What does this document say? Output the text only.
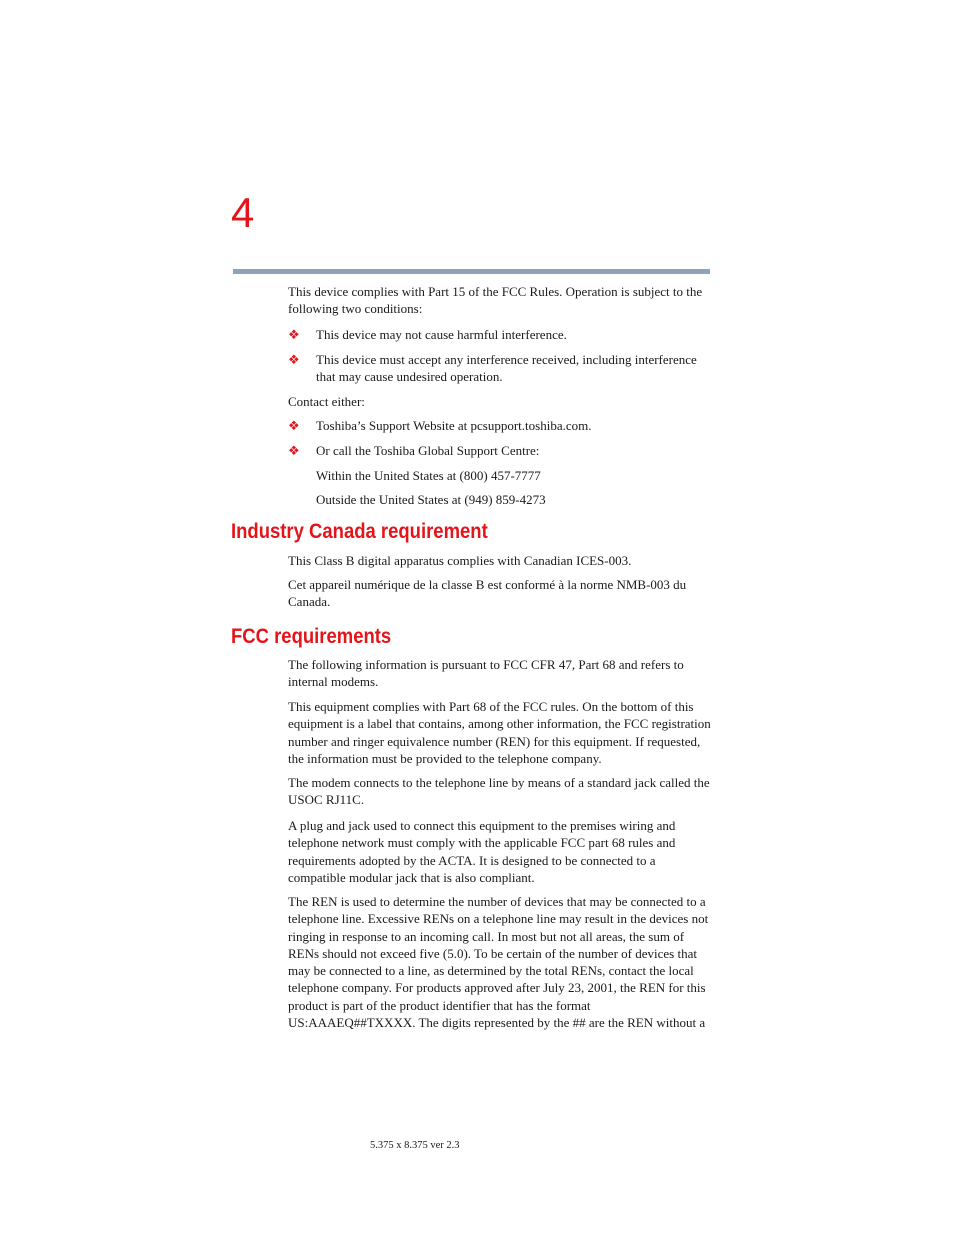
4
This device complies with Part 15 of the FCC Rules. Operation is subject to the following two conditions:
❖ This device may not cause harmful interference.
❖ This device must accept any interference received, including interference that may cause undesired operation.
Contact either:
❖ Toshiba’s Support Website at pcsupport.toshiba.com.
❖ Or call the Toshiba Global Support Centre:
Within the United States at (800) 457-7777
Outside the United States at (949) 859-4273
Industry Canada requirement
This Class B digital apparatus complies with Canadian ICES-003.
Cet appareil numérique de la classe B est conformé à la norme NMB-003 du Canada.
FCC requirements
The following information is pursuant to FCC CFR 47, Part 68 and refers to internal modems.
This equipment complies with Part 68 of the FCC rules. On the bottom of this equipment is a label that contains, among other information, the FCC registration number and ringer equivalence number (REN) for this equipment. If requested, the information must be provided to the telephone company.
The modem connects to the telephone line by means of a standard jack called the USOC RJ11C.
A plug and jack used to connect this equipment to the premises wiring and telephone network must comply with the applicable FCC part 68 rules and requirements adopted by the ACTA. It is designed to be connected to a compatible modular jack that is also compliant.
The REN is used to determine the number of devices that may be connected to a telephone line. Excessive RENs on a telephone line may result in the devices not ringing in response to an incoming call. In most but not all areas, the sum of RENs should not exceed five (5.0). To be certain of the number of devices that may be connected to a line, as determined by the total RENs, contact the local telephone company. For products approved after July 23, 2001, the REN for this product is part of the product identifier that has the format US:AAAEQ##TXXXX. The digits represented by the ## are the REN without a
5.375 x 8.375 ver 2.3
